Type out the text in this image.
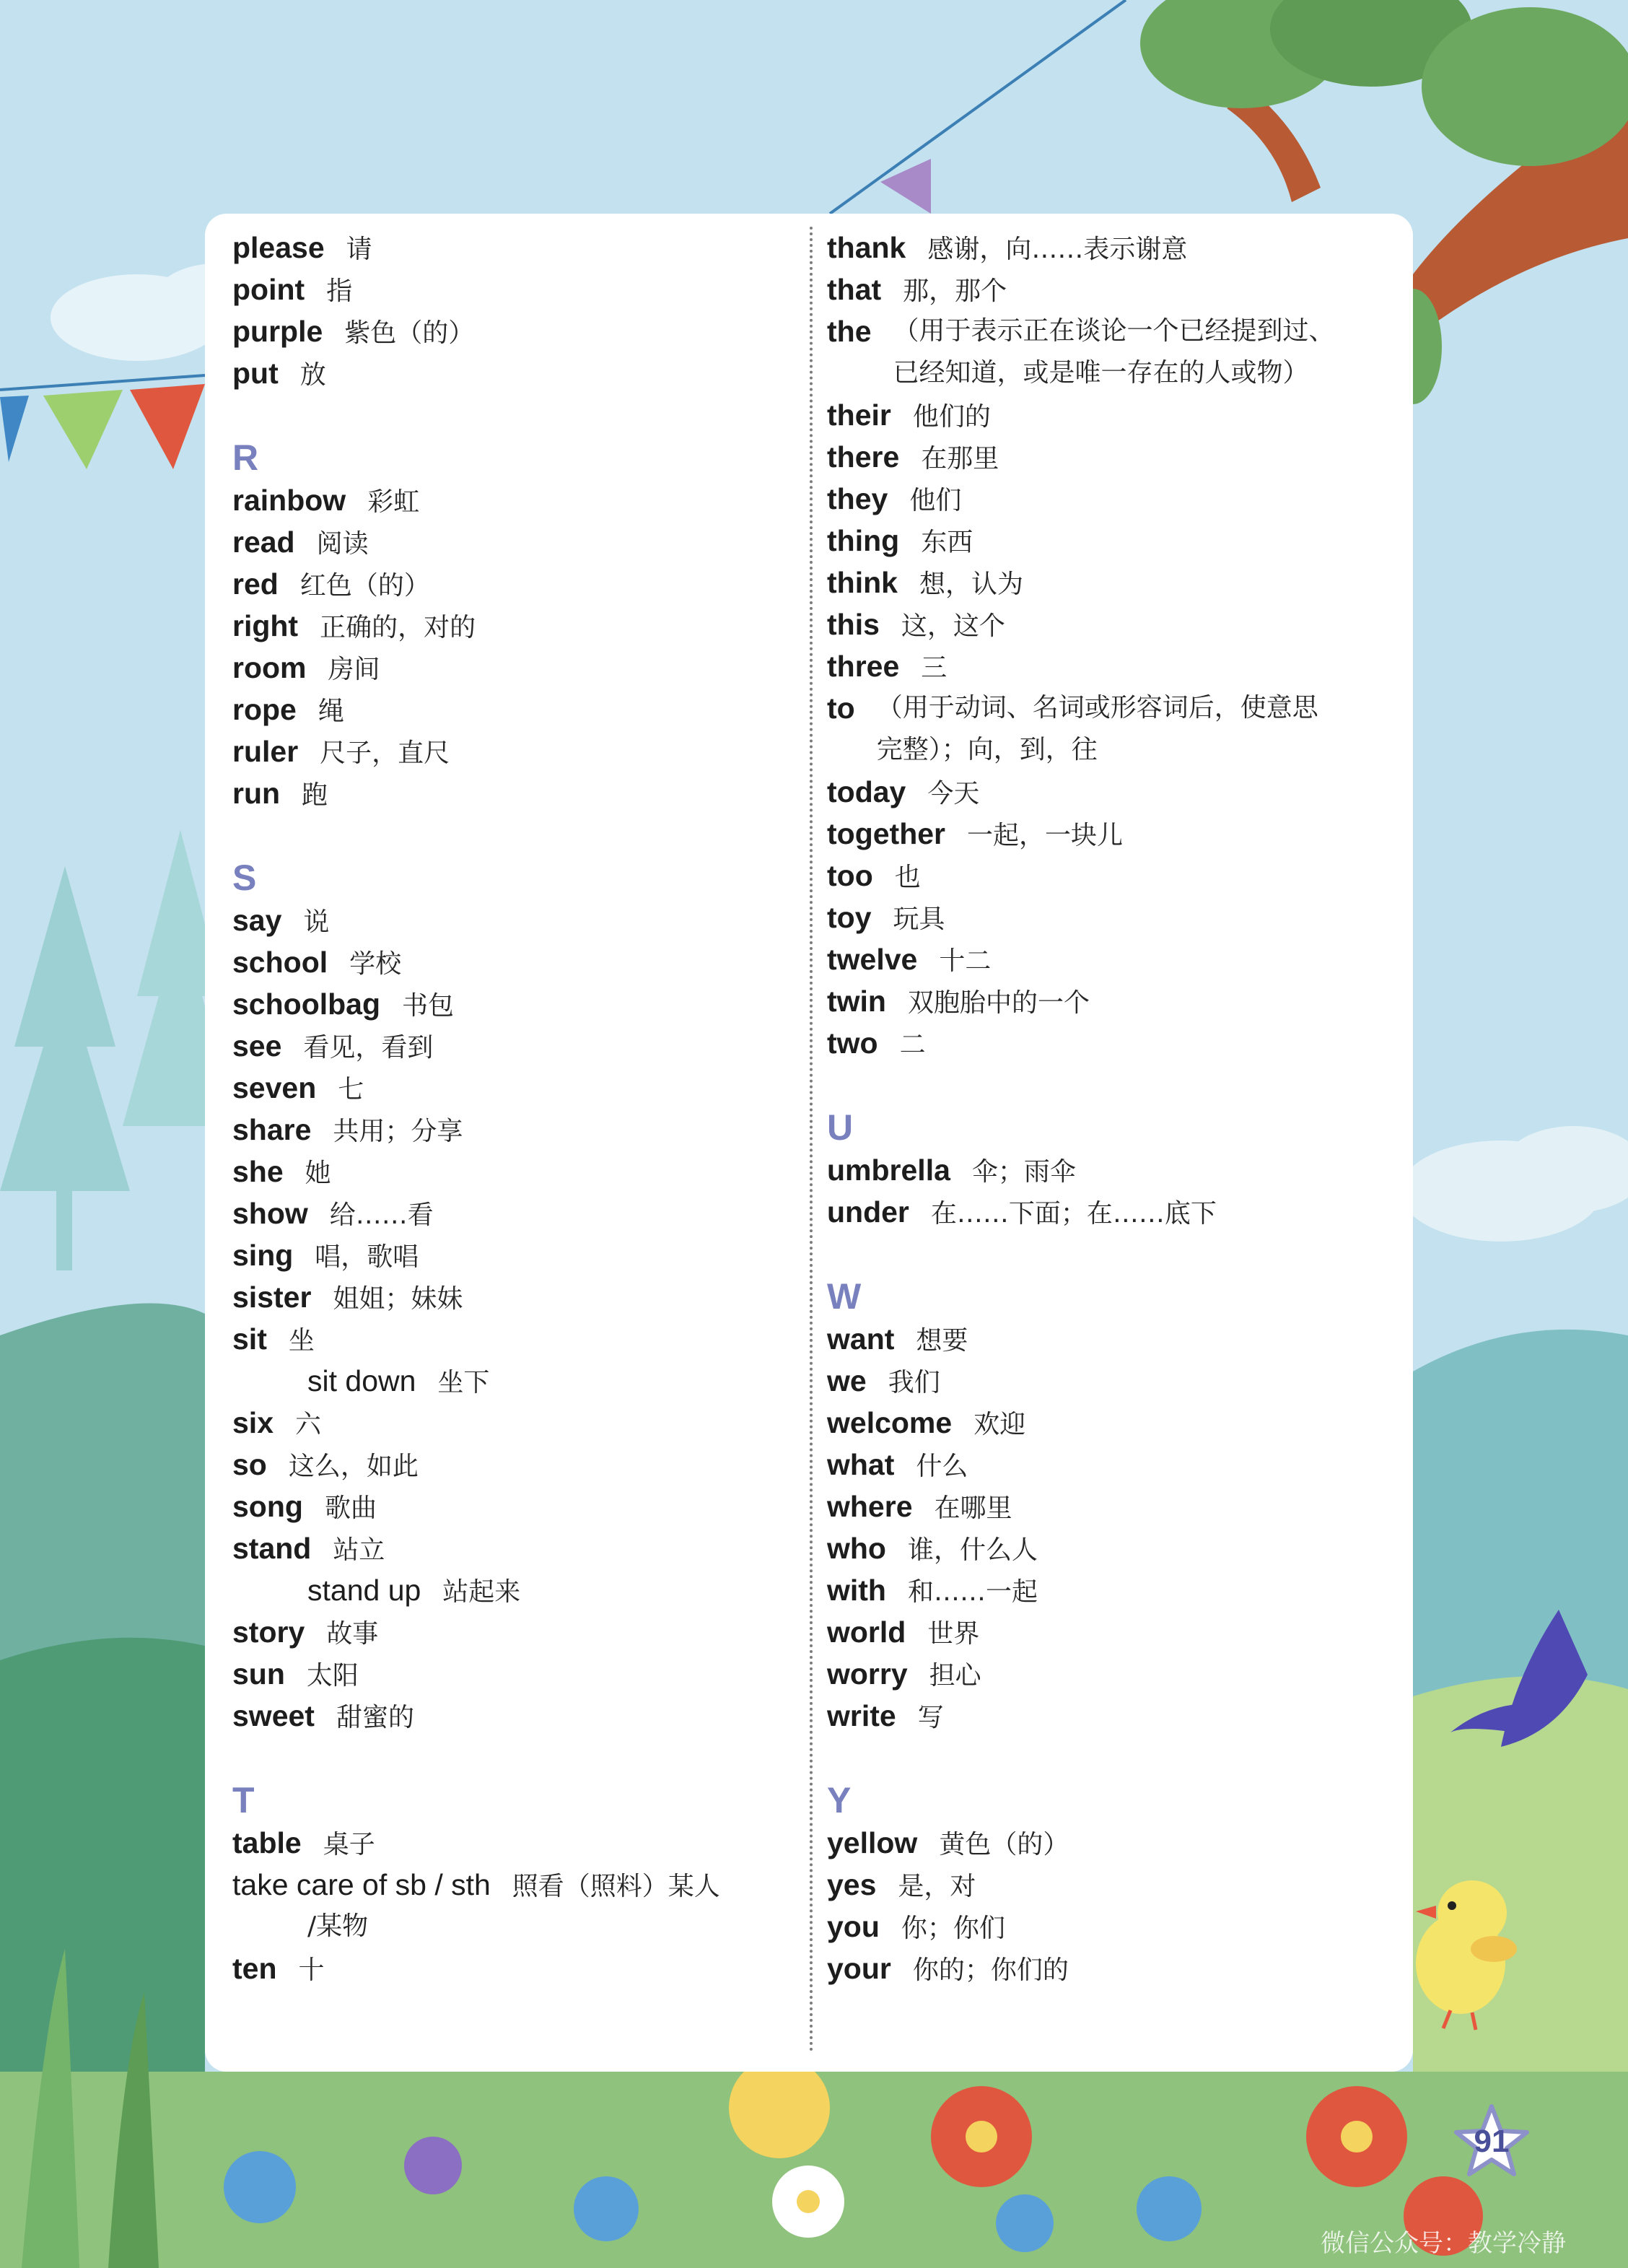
please 请
point 指
purple 紫色（的）
put 放
R
rainbow 彩虹
read 阅读
red 红色（的）
right 正确的，对的
room 房间
rope 绳
ruler 尺子，直尺
run 跑
S
say 说
school 学校
schoolbag 书包
see 看见，看到
seven 七
share 共用；分享
she 她
show 给……看
sing 唱，歌唱
sister 姐姐；妹妹
sit 坐
sit down 坐下
six 六
so 这么，如此
song 歌曲
stand 站立
stand up 站起来
story 故事
sun 太阳
sweet 甜蜜的
T
table 桌子
take care of sb / sth 照看（照料）某人
/某物
ten 十
thank 感谢，向……表示谢意
that 那，那个
the （用于表示正在谈论一个已经提到过、已经知道，或是唯一存在的人或物）
their 他们的
there 在那里
they 他们
thing 东西
think 想，认为
this 这，这个
three 三
to （用于动词、名词或形容词后，使意思完整）；向，到，往
today 今天
together 一起，一块儿
too 也
toy 玩具
twelve 十二
twin 双胞胎中的一个
two 二
U
umbrella 伞；雨伞
under 在……下面；在……底下
W
want 想要
we 我们
welcome 欢迎
what 什么
where 在哪里
who 谁，什么人
with 和……一起
world 世界
worry 担心
write 写
Y
yellow 黄色（的）
yes 是，对
you 你；你们
your 你的；你们的
91
微信公众号：教学冷静
